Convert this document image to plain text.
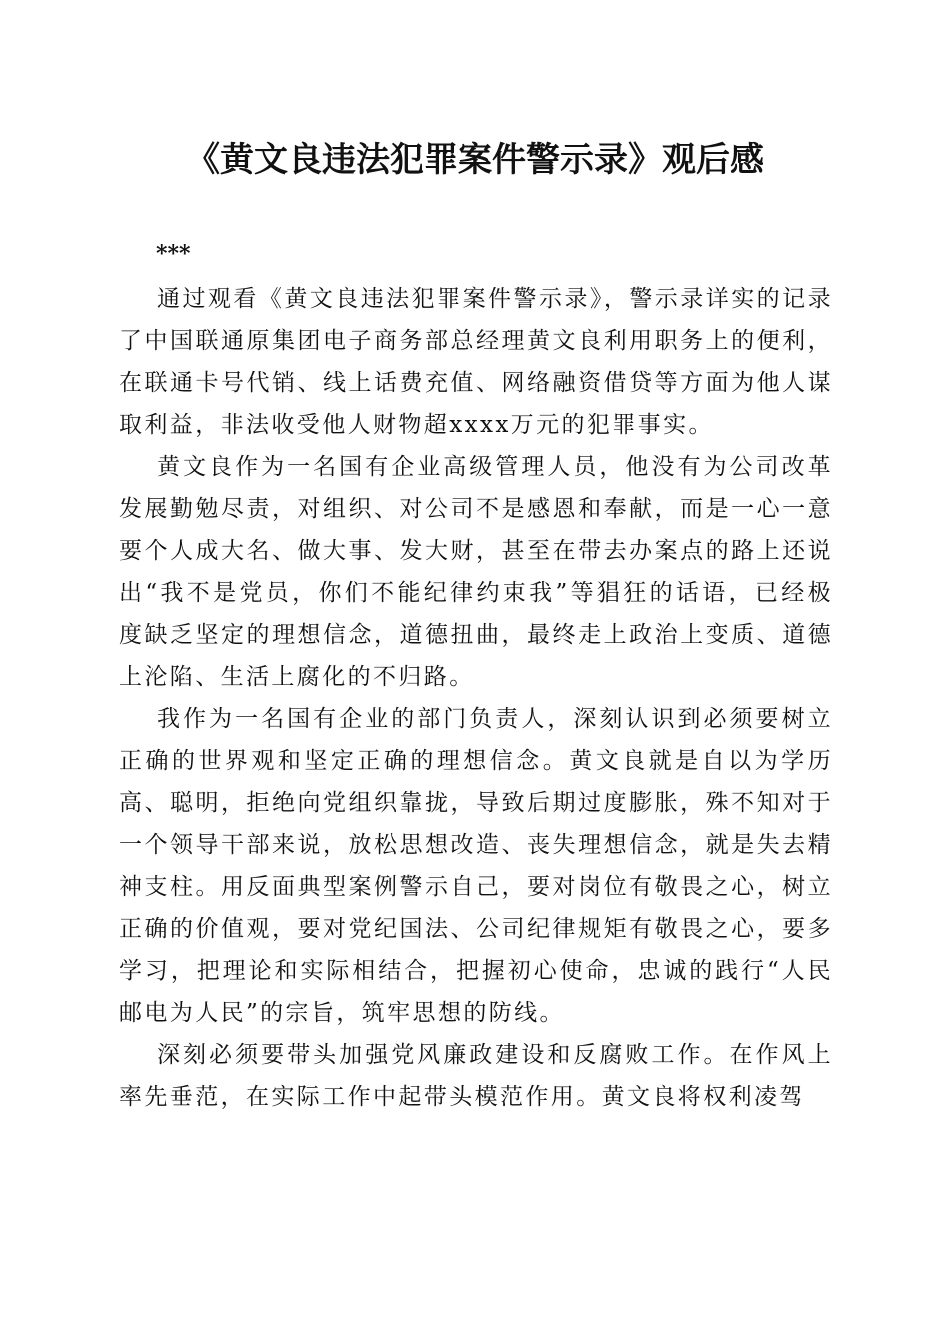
《黄文良违法犯罪案件警示录》观后感

***

通过观看《黄文良违法犯罪案件警示录》，警示录详实的记录了中国联通原集团电子商务部总经理黄文良利用职务上的便利，在联通卡号代销、线上话费充值、网络融资借贷等方面为他人谋取利益，非法收受他人财物超xxxx万元的犯罪事实。

黄文良作为一名国有企业高级管理人员，他没有为公司改革发展勤勉尽责，对组织、对公司不是感恩和奉献，而是一心一意要个人成大名、做大事、发大财，甚至在带去办案点的路上还说出“我不是党员，你们不能纪律约束我”等猖狂的话语，已经极度缺乏坚定的理想信念，道德扭曲，最终走上政治上变质、道德上沦陷、生活上腐化的不归路。

我作为一名国有企业的部门负责人，深刻认识到必须要树立正确的世界观和坚定正确的理想信念。黄文良就是自以为学历高、聪明，拒绝向党组织靠拢，导致后期过度膨胀，殊不知对于一个领导干部来说，放松思想改造、丧失理想信念，就是失去精神支柱。用反面典型案例警示自己，要对岗位有敬畏之心，树立正确的价值观，要对党纪国法、公司纪律规矩有敬畏之心，要多学习，把理论和实际相结合，把握初心使命，忠诚的践行“人民邮电为人民”的宗旨，筑牢思想的防线。

深刻必须要带头加强党风廉政建设和反腐败工作。在作风上率先垂范，在实际工作中起带头模范作用。黄文良将权利凌驾
